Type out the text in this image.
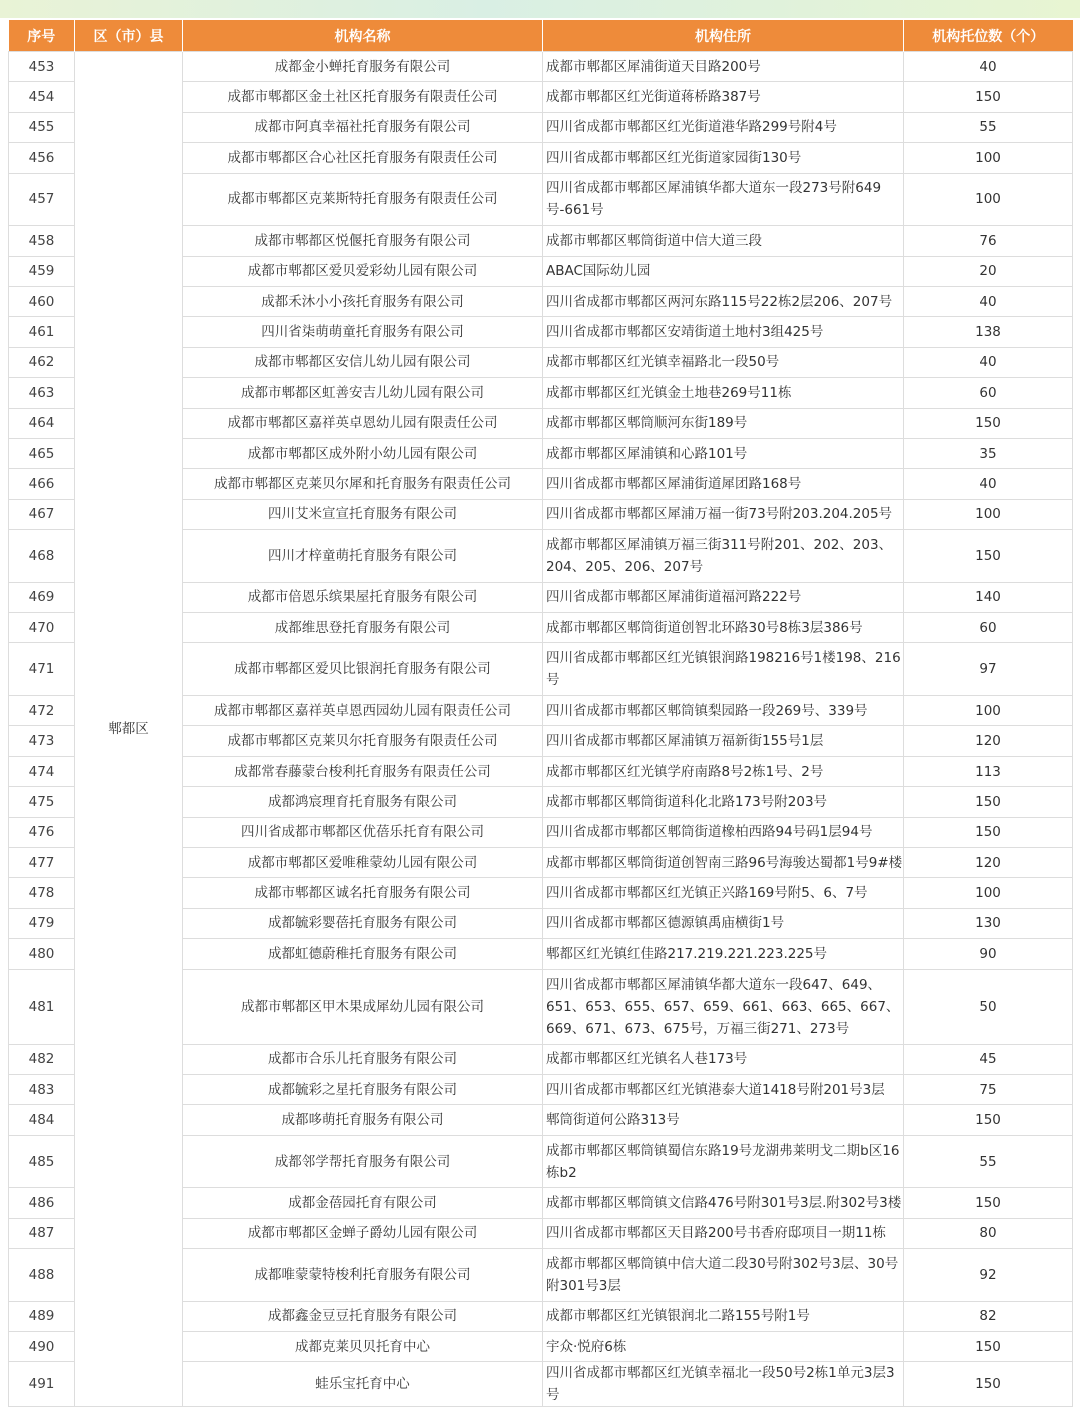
序号	区（市）县	机构名称	机构住所	机构托位数（个）
453	郫都区	成都金小蝉托育服务有限公司	成都市郫都区犀浦街道天目路200号	40
454		成都市郫都区金土社区托育服务有限责任公司	成都市郫都区红光街道蒋桥路387号	150
455		成都市阿真幸福社托育服务有限公司	四川省成都市郫都区红光街道港华路299号附4号	55
456		成都市郫都区合心社区托育服务有限责任公司	四川省成都市郫都区红光街道家园街130号	100
457		成都市郫都区克莱斯特托育服务有限责任公司	四川省成都市郫都区犀浦镇华都大道东一段273号附649号-661号	100
458		成都市郫都区悦偃托育服务有限公司	成都市郫都区郫筒街道中信大道三段	76
459		成都市郫都区爱贝爱彩幼儿园有限公司	ABAC国际幼儿园	20
460		成都禾沐小小孩托育服务有限公司	四川省成都市郫都区两河东路115号22栋2层206、207号	40
461		四川省柒萌萌童托育服务有限公司	四川省成都市郫都区安靖街道土地村3组425号	138
462		成都市郫都区安信儿幼儿园有限公司	成都市郫都区红光镇幸福路北一段50号	40
463		成都市郫都区虹善安吉儿幼儿园有限公司	成都市郫都区红光镇金土地巷269号11栋	60
464		成都市郫都区嘉祥英卓恩幼儿园有限责任公司	成都市郫都区郫筒顺河东街189号	150
465		成都市郫都区成外附小幼儿园有限公司	成都市郫都区犀浦镇和心路101号	35
466		成都市郫都区克莱贝尔犀和托育服务有限责任公司	四川省成都市郫都区犀浦街道犀团路168号	40
467		四川艾米宣宣托育服务有限公司	四川省成都市郫都区犀浦万福一街73号附203.204.205号	100
468		四川才梓童萌托育服务有限公司	成都市郫都区犀浦镇万福三街311号附201、202、203、204、205、206、207号	150
469		成都市倍恩乐缤果屋托育服务有限公司	四川省成都市郫都区犀浦街道福河路222号	140
470		成都维思登托育服务有限公司	成都市郫都区郫筒街道创智北环路30号8栋3层386号	60
471		成都市郫都区爱贝比银润托育服务有限公司	四川省成都市郫都区红光镇银润路198216号1楼198、216号	97
472		成都市郫都区嘉祥英卓恩西园幼儿园有限责任公司	四川省成都市郫都区郫筒镇梨园路一段269号、339号	100
473		成都市郫都区克莱贝尔托育服务有限责任公司	四川省成都市郫都区犀浦镇万福新街155号1层	120
474		成都常春藤蒙台梭利托育服务有限责任公司	成都市郫都区红光镇学府南路8号2栋1号、2号	113
475		成都鸿宸理育托育服务有限公司	成都市郫都区郫筒街道科化北路173号附203号	150
476		四川省成都市郫都区优蓓乐托育有限公司	四川省成都市郫都区郫筒街道橡柏西路94号码1层94号	150
477		成都市郫都区爱唯稚蒙幼儿园有限公司	成都市郫都区郫筒街道创智南三路96号海骏达蜀都1号9#楼	120
478		成都市郫都区诚名托育服务有限公司	四川省成都市郫都区红光镇正兴路169号附5、6、7号	100
479		成都毓彩婴蓓托育服务有限公司	四川省成都市郫都区德源镇禹庙横街1号	130
480		成都虹德蔚稚托育服务有限公司	郫都区红光镇红佳路217.219.221.223.225号	90
481		成都市郫都区甲木果成犀幼儿园有限公司	四川省成都市郫都区犀浦镇华都大道东一段647、649、651、653、655、657、659、661、663、665、667、669、671、673、675号，万福三街271、273号	50
482		成都市合乐儿托育服务有限公司	成都市郫都区红光镇名人巷173号	45
483		成都毓彩之星托育服务有限公司	四川省成都市郫都区红光镇港泰大道1418号附201号3层	75
484		成都哆萌托育服务有限公司	郫筒街道何公路313号	150
485		成都邻学帮托育服务有限公司	成都市郫都区郫筒镇蜀信东路19号龙湖弗莱明戈二期b区16栋b2	55
486		成都金蓓园托育有限公司	成都市郫都区郫筒镇文信路476号附301号3层.附302号3楼	150
487		成都市郫都区金蝉子爵幼儿园有限公司	四川省成都市郫都区天目路200号书香府邸项目一期11栋	80
488		成都唯蒙蒙特梭利托育服务有限公司	成都市郫都区郫筒镇中信大道二段30号附302号3层、30号附301号3层	92
489		成都鑫金豆豆托育服务有限公司	成都市郫都区红光镇银润北二路155号附1号	82
490		成都克莱贝贝托育中心	宇众·悦府6栋	150
491		蛙乐宝托育中心	四川省成都市郫都区红光镇幸福北一段50号2栋1单元3层3号	150
